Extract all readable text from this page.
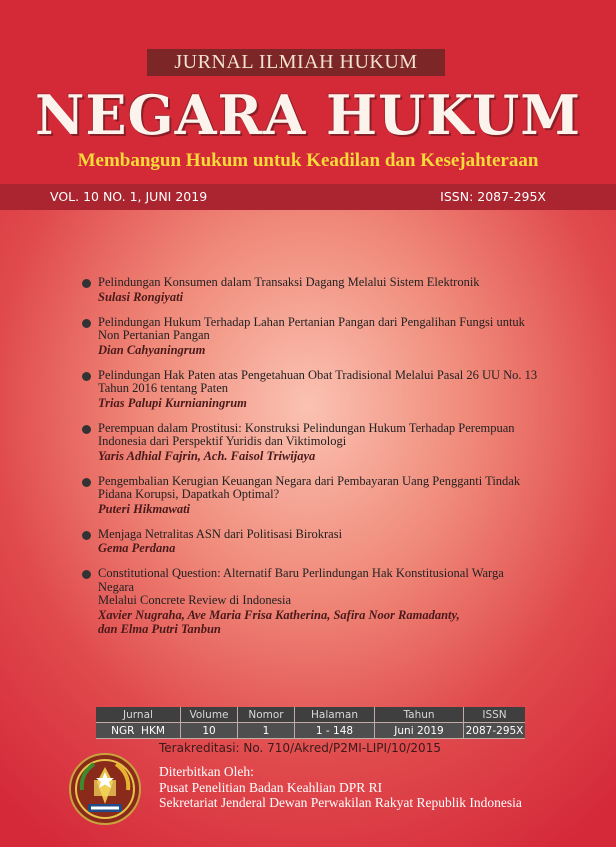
JURNAL ILMIAH HUKUM
NEGARA HUKUM
Membangun Hukum untuk Keadilan dan Kesejahteraan
VOL. 10 NO. 1, JUNI 2019	ISSN: 2087-295X
Pelindungan Konsumen dalam Transaksi Dagang Melalui Sistem Elektronik
Sulasi Rongiyati
Pelindungan Hukum Terhadap Lahan Pertanian Pangan dari Pengalihan Fungsi untuk
Non Pertanian Pangan
Dian Cahyaningrum
Pelindungan Hak Paten atas Pengetahuan Obat Tradisional Melalui Pasal 26 UU No. 13
Tahun 2016 tentang Paten
Trias Palupi Kurnianingrum
Perempuan dalam Prostitusi: Konstruksi Pelindungan Hukum Terhadap Perempuan
Indonesia dari Perspektif Yuridis dan Viktimologi
Yaris Adhial Fajrin, Ach. Faisol Triwijaya
Pengembalian Kerugian Keuangan Negara dari Pembayaran Uang Pengganti Tindak
Pidana Korupsi, Dapatkah Optimal?
Puteri Hikmawati
Menjaga Netralitas ASN dari Politisasi Birokrasi
Gema Perdana
Constitutional Question: Alternatif Baru Perlindungan Hak Konstitusional Warga Negara
Melalui Concrete Review di Indonesia
Xavier Nugraha, Ave Maria Frisa Katherina, Safira Noor Ramadanty,
dan Elma Putri Tanbun
Jurnal	Volume	Nomor	Halaman	Tahun	ISSN
NGR  HKM	10	1	1 - 148	Juni 2019	2087-295X
Terakreditasi: No. 710/Akred/P2MI-LIPI/10/2015
Diterbitkan Oleh:
Pusat Penelitian Badan Keahlian DPR RI
Sekretariat Jenderal Dewan Perwakilan Rakyat Republik Indonesia
